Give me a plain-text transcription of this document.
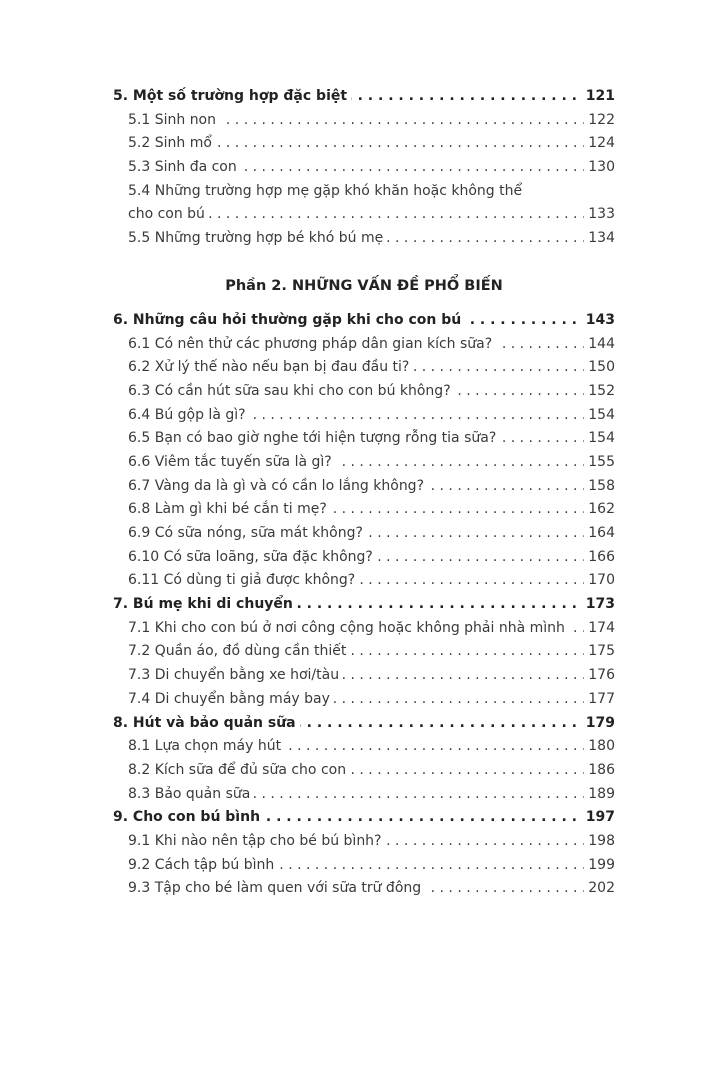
5. Một số trường hợp đặc biệt	121
. . .
5.1 Sinh non	122
. . .
5.2 Sinh mổ	124
. . .
5.3 Sinh đa con	130
. . .
5.4 Những trường hợp mẹ gặp khó khăn hoặc không thể
cho con bú	133
. . .
5.5 Những trường hợp bé khó bú mẹ	134
. . .
Phần 2. NHỮNG VẤN ĐỀ PHỔ BIẾN
6. Những câu hỏi thường gặp khi cho con bú	143
. . .
6.1 Có nên thử các phương pháp dân gian kích sữa?	144
. . .
6.2 Xử lý thế nào nếu bạn bị đau đầu ti?	150
. . .
6.3 Có cần hút sữa sau khi cho con bú không?	152
. . .
6.4 Bú gộp là gì?	154
. . .
6.5 Bạn có bao giờ nghe tới hiện tượng rỗng tia sữa?	154
. . .
6.6 Viêm tắc tuyến sữa là gì?	155
. . .
6.7 Vàng da là gì và có cần lo lắng không?	158
. . .
6.8 Làm gì khi bé cắn ti mẹ?	162
. . .
6.9 Có sữa nóng, sữa mát không?	164
. . .
6.10 Có sữa loãng, sữa đặc không?	166
. . .
6.11 Có dùng ti giả được không?	170
. . .
7. Bú mẹ khi di chuyển	173
. . .
7.1 Khi cho con bú ở nơi công cộng hoặc không phải nhà mình 174
. . .
7.2 Quần áo, đồ dùng cần thiết	175
. . .
7.3 Di chuyển bằng xe hơi/tàu	176
. . .
7.4 Di chuyển bằng máy bay	177
. . .
8. Hút và bảo quản sữa	179
. . .
8.1 Lựa chọn máy hút	180
. . .
8.2 Kích sữa để đủ sữa cho con	186
. . .
8.3 Bảo quản sữa	189
. . .
9. Cho con bú bình	197
. . .
9.1 Khi nào nên tập cho bé bú bình?	198
. . .
9.2 Cách tập bú bình	199
. . .
9.3 Tập cho bé làm quen với sữa trữ đông	202
. . .
